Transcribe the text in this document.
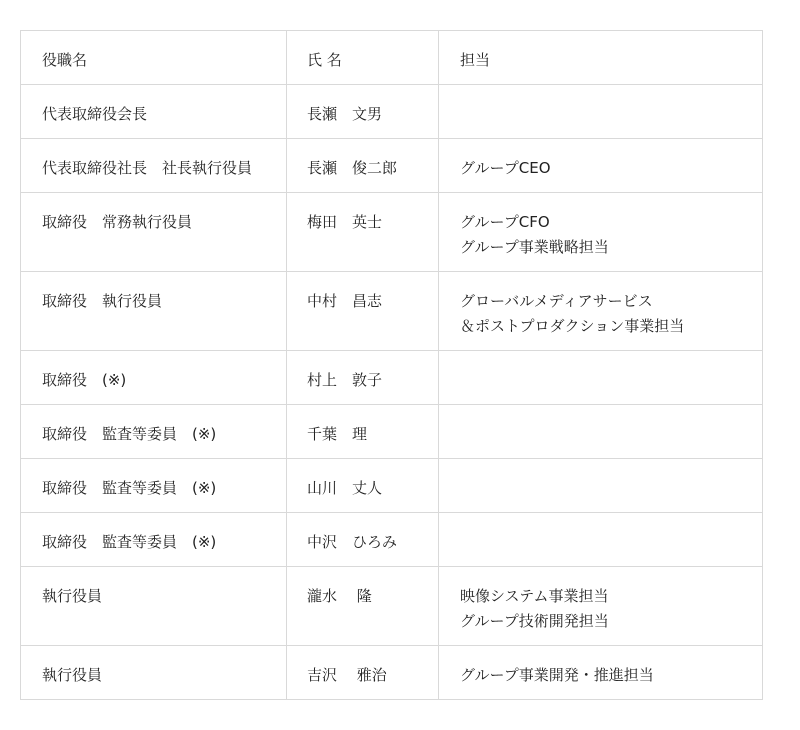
役職名	氏 名	担当

代表取締役会長	長瀬　文男	
代表取締役社長　社長執行役員	長瀬　俊二郎	グループCEO

取締役　常務執行役員	梅田　英士	グループCFO
グループ事業戦略担当

取締役　執行役員	中村　昌志	グローバルメディアサービス
＆ポストプロダクション事業担当

取締役　(※)	村上　敦子	
取締役　監査等委員　(※)	千葉　理	
取締役　監査等委員　(※)	山川　丈人	
取締役　監査等委員　(※)	中沢　ひろみ	
執行役員	瀧水　 隆	映像システム事業担当
グループ技術開発担当

執行役員	吉沢　 雅治	グループ事業開発・推進担当
